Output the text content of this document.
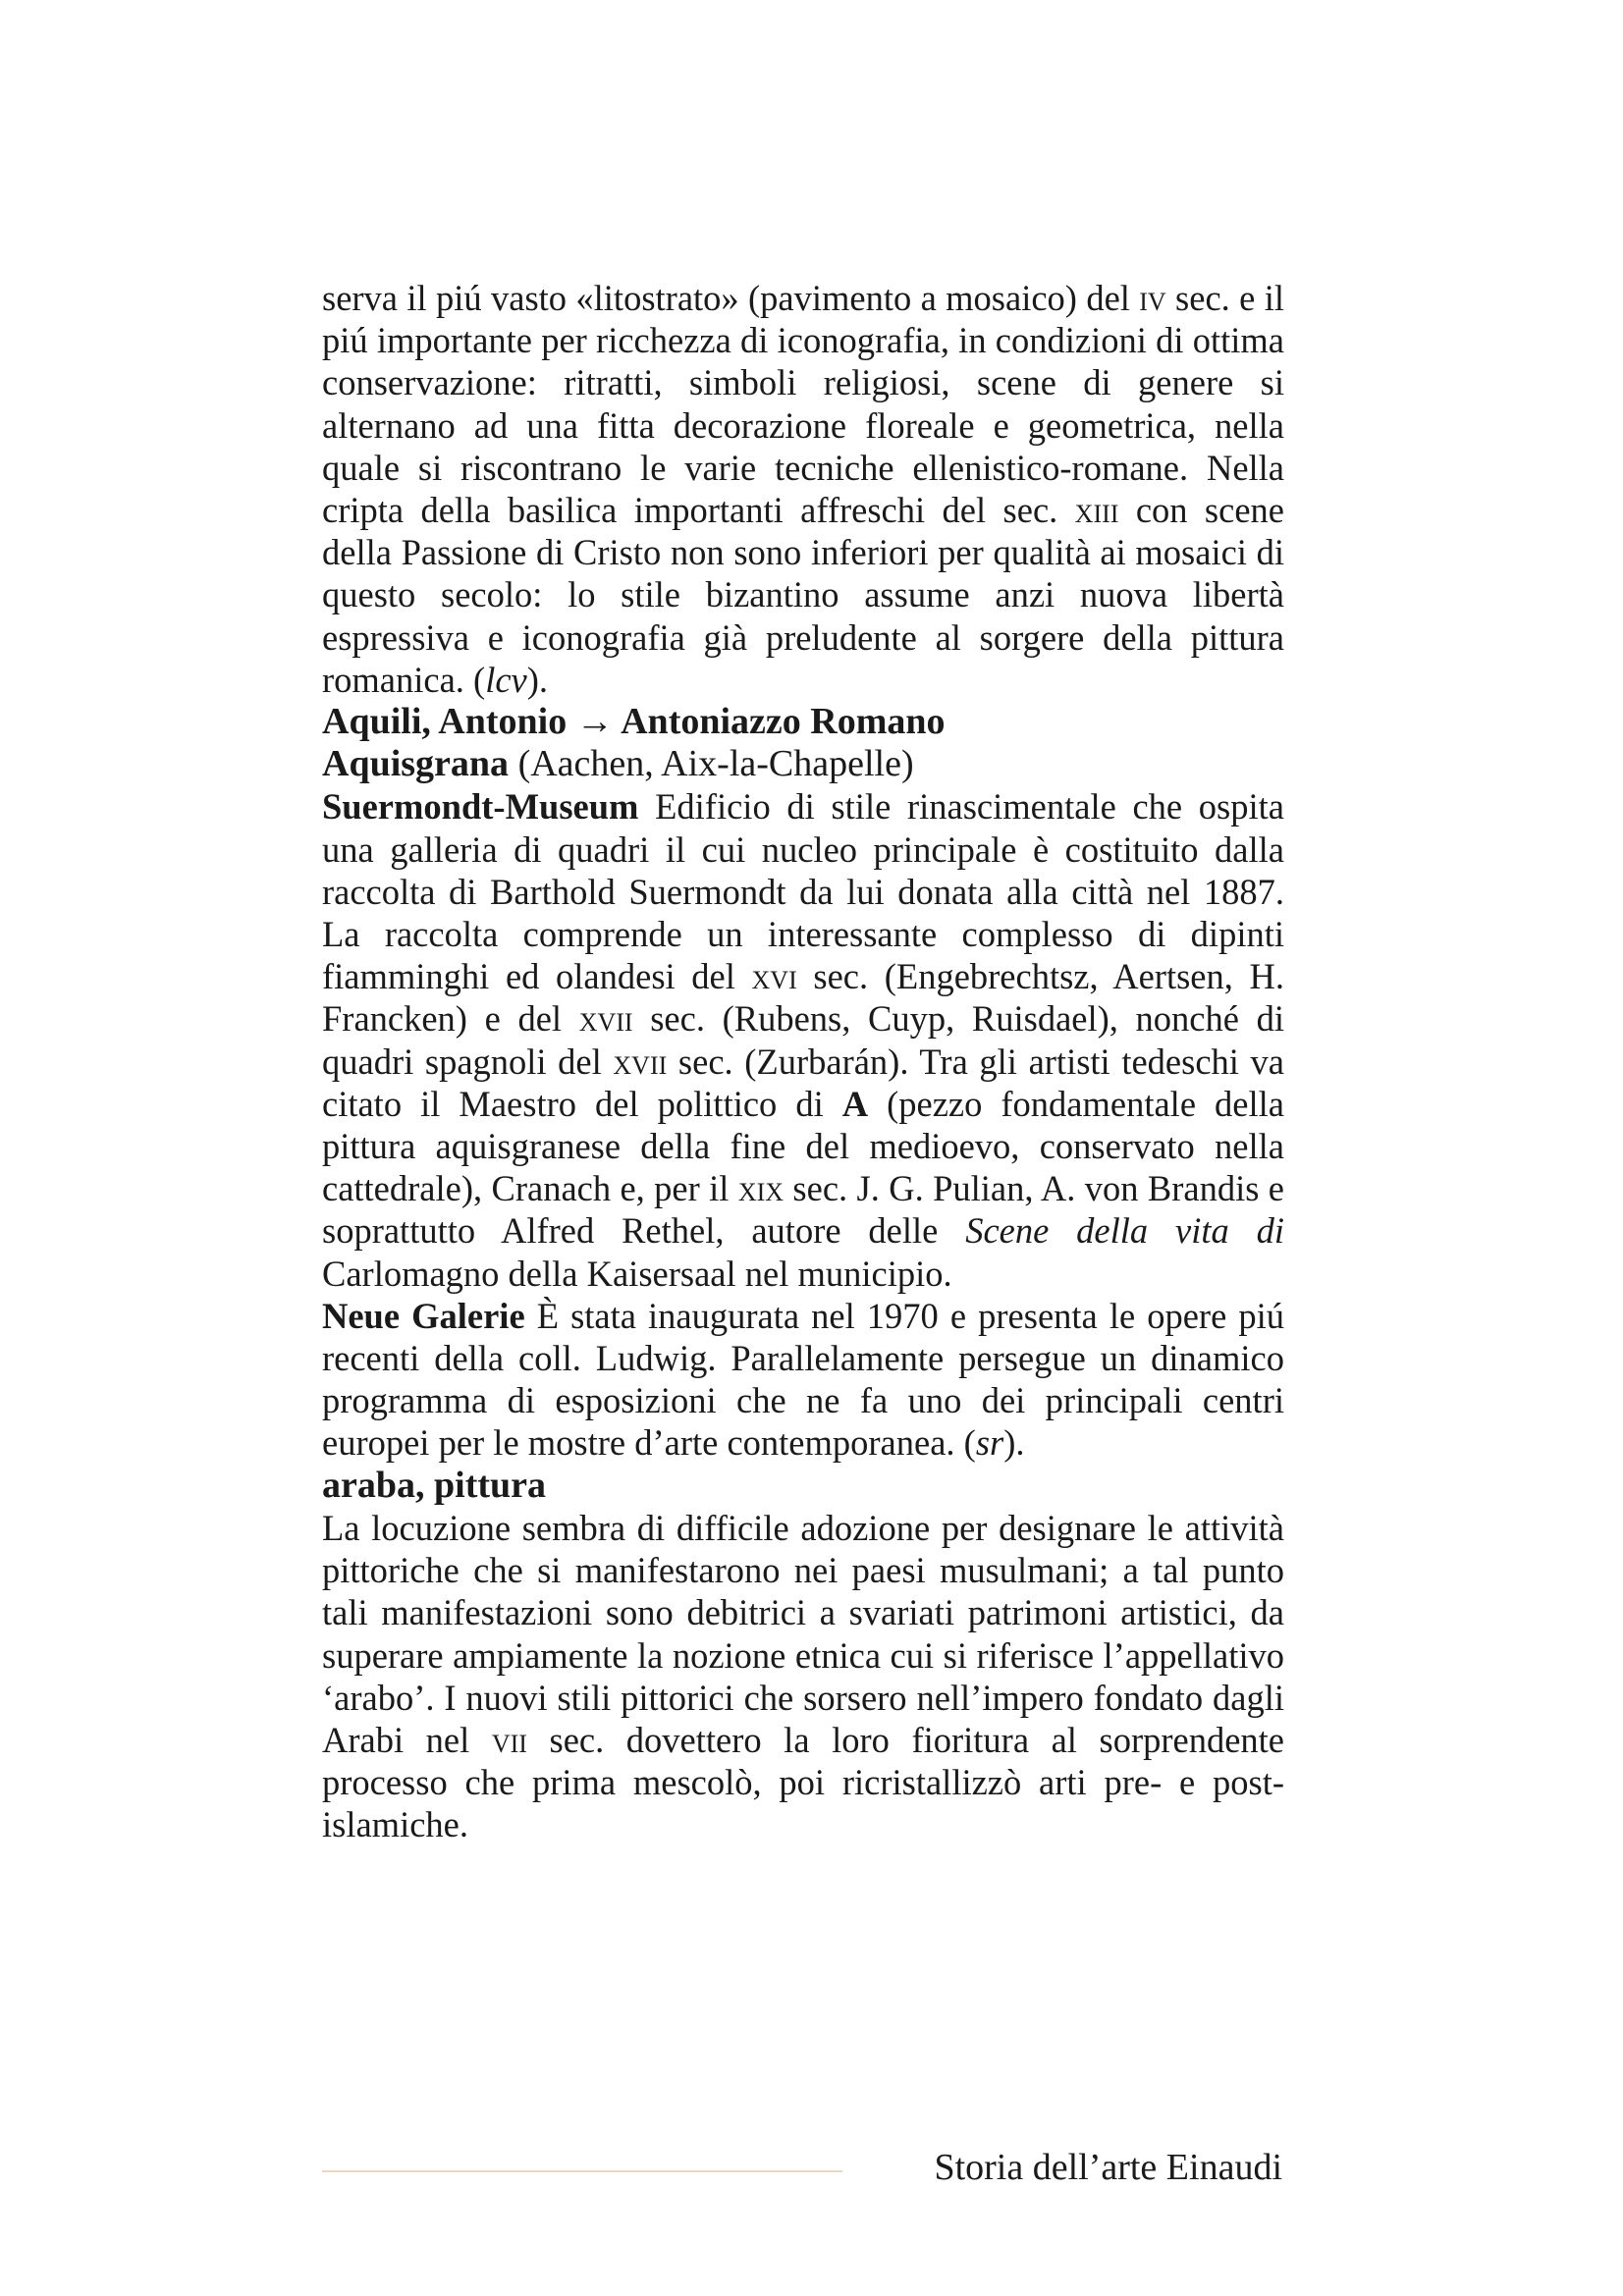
serva il piú vasto «litostrato» (pavimento a mosaico) del iv sec. e il piú importante per ricchezza di iconografia, in condizioni di ottima conservazione: ritratti, simboli religiosi, scene di genere si alternano ad una fitta decorazione floreale e geometrica, nella quale si riscontrano le varie tecniche ellenistico-romane. Nella cripta della basilica importanti affreschi del sec. xiii con scene della Passione di Cristo non sono inferiori per qualità ai mosaici di questo secolo: lo stile bizantino assume anzi nuova libertà espressiva e iconografia già preludente al sorgere della pittura romanica. (lcv).

Aquili, Antonio → Antoniazzo Romano

Aquisgrana (Aachen, Aix-la-Chapelle)

Suermondt-Museum Edificio di stile rinascimentale che ospita una galleria di quadri il cui nucleo principale è costituito dalla raccolta di Barthold Suermondt da lui donata alla città nel 1887. La raccolta comprende un interessante complesso di dipinti fiamminghi ed olandesi del xvi sec. (Engebrechtsz, Aertsen, H. Francken) e del xvii sec. (Rubens, Cuyp, Ruisdael), nonché di quadri spagnoli del xvii sec. (Zurbarán). Tra gli artisti tedeschi va citato il Maestro del polittico di A (pezzo fondamentale della pittura aquisgranese della fine del medioevo, conservato nella cattedrale), Cranach e, per il xix sec. J. G. Pulian, A. von Brandis e soprattutto Alfred Rethel, autore delle Scene della vita di Carlomagno della Kaisersaal nel municipio.

Neue Galerie È stata inaugurata nel 1970 e presenta le opere piú recenti della coll. Ludwig. Parallelamente persegue un dinamico programma di esposizioni che ne fa uno dei principali centri europei per le mostre d’arte contemporanea. (sr).

araba, pittura

La locuzione sembra di difficile adozione per designare le attività pittoriche che si manifestarono nei paesi musulmani; a tal punto tali manifestazioni sono debitrici a svariati patrimoni artistici, da superare ampiamente la nozione etnica cui si riferisce l’appellativo ‘arabo’. I nuovi stili pittorici che sorsero nell’impero fondato dagli Arabi nel vii sec. dovettero la loro fioritura al sorprendente processo che prima mescolò, poi ricristallizzò arti pre- e post-islamiche.

Storia dell’arte Einaudi
